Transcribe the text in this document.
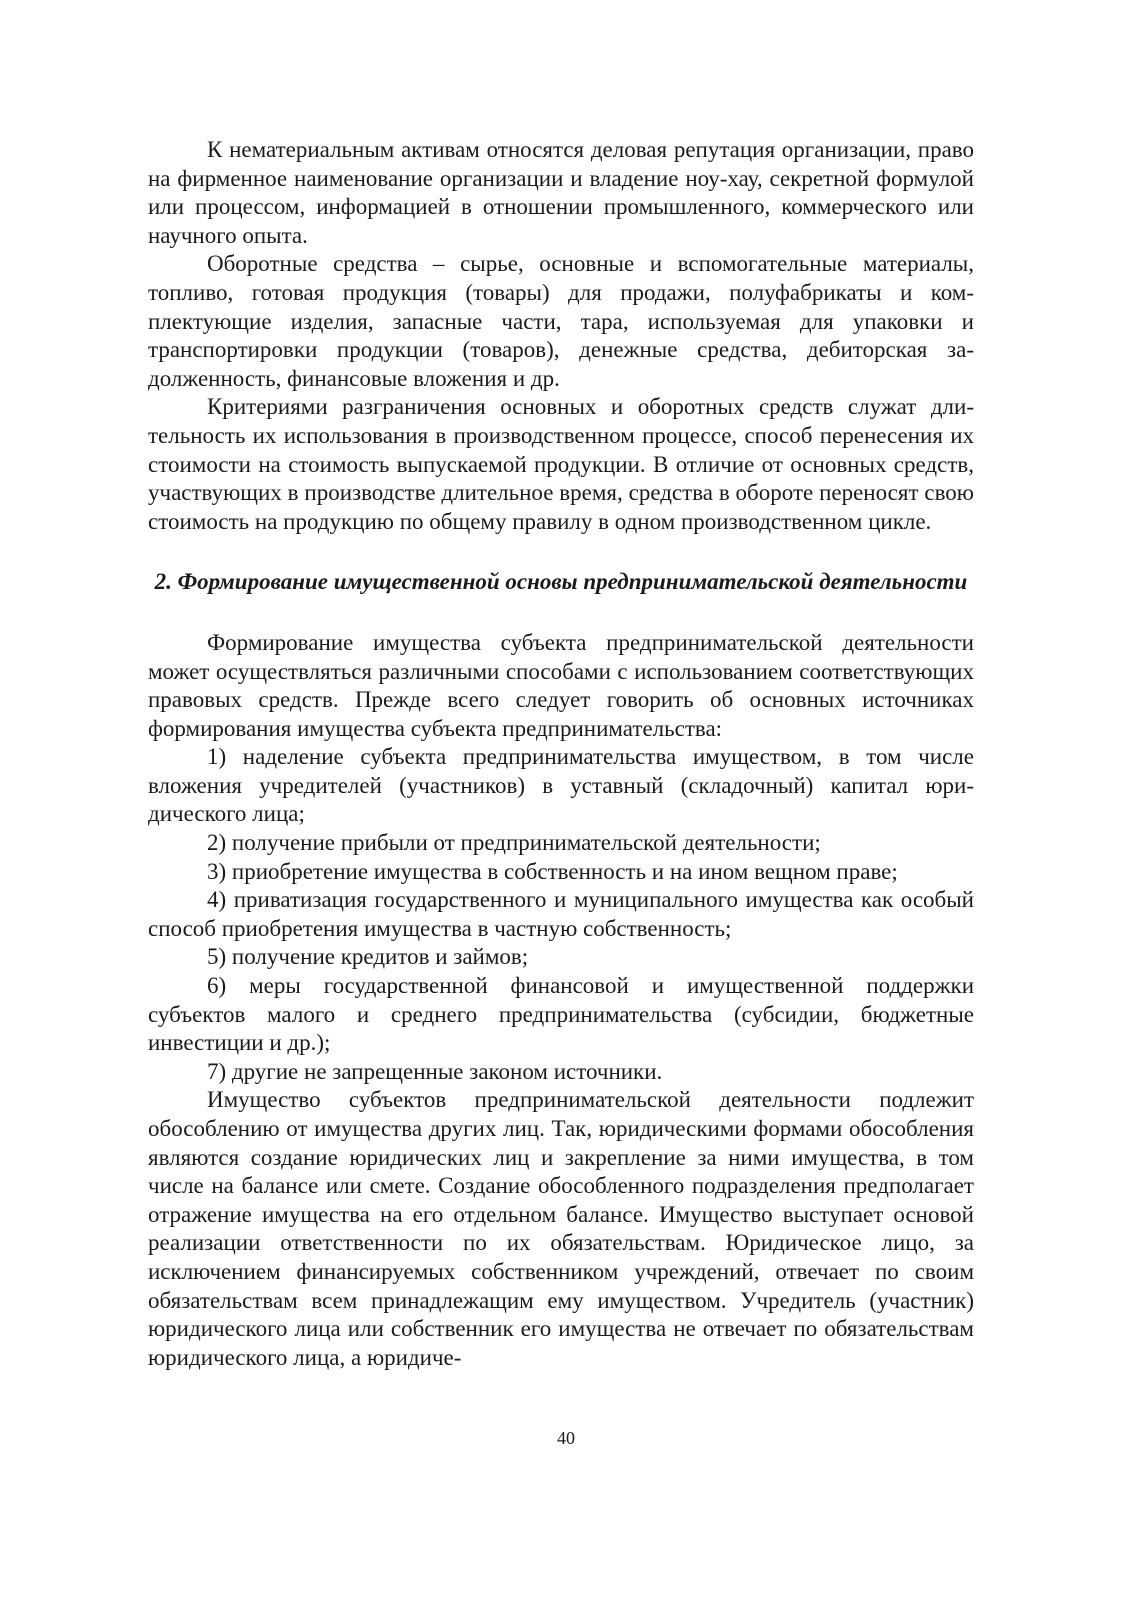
К нематериальным активам относятся деловая репутация организации, право на фирменное наименование организации и владение ноу-хау, секретной формулой или процессом, информацией в отношении промышленного, коммерческого или научного опыта.

Оборотные средства – сырье, основные и вспомогательные материалы, топливо, готовая продукция (товары) для продажи, полуфабрикаты и комплектующие изделия, запасные части, тара, используемая для упаковки и транспортировки продукции (товаров), денежные средства, дебиторская задолженность, финансовые вложения и др.

Критериями разграничения основных и оборотных средств служат длительность их использования в производственном процессе, способ перенесения их стоимости на стоимость выпускаемой продукции. В отличие от основных средств, участвующих в производстве длительное время, средства в обороте переносят свою стоимость на продукцию по общему правилу в одном производственном цикле.

2. Формирование имущественной основы предпринимательской деятельности

Формирование имущества субъекта предпринимательской деятельности может осуществляться различными способами с использованием соответствующих правовых средств. Прежде всего следует говорить об основных источниках формирования имущества субъекта предпринимательства:

1) наделение субъекта предпринимательства имуществом, в том числе вложения учредителей (участников) в уставный (складочный) капитал юридического лица;

2) получение прибыли от предпринимательской деятельности;

3) приобретение имущества в собственность и на ином вещном праве;

4) приватизация государственного и муниципального имущества как особый способ приобретения имущества в частную собственность;

5) получение кредитов и займов;

6) меры государственной финансовой и имущественной поддержки субъектов малого и среднего предпринимательства (субсидии, бюджетные инвестиции и др.);

7) другие не запрещенные законом источники.

Имущество субъектов предпринимательской деятельности подлежит обособлению от имущества других лиц. Так, юридическими формами обособления являются создание юридических лиц и закрепление за ними имущества, в том числе на балансе или смете. Создание обособленного подразделения предполагает отражение имущества на его отдельном балансе. Имущество выступает основой реализации ответственности по их обязательствам. Юридическое лицо, за исключением финансируемых собственником учреждений, отвечает по своим обязательствам всем принадлежащим ему имуществом. Учредитель (участник) юридического лица или собственник его имущества не отвечает по обязательствам юридического лица, а юридиче-

40
